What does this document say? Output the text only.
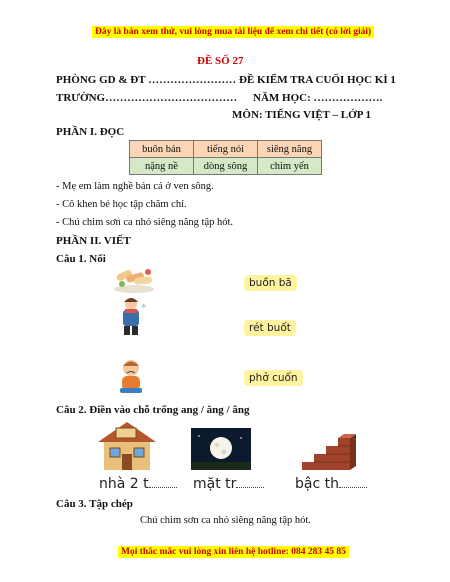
Đây là bản xem thử, vui lòng mua tài liệu để xem chi tiết (có lời giải)
ĐỀ SỐ 27
PHÒNG GD & ĐT ……………………
TRƯỜNG………………………………
ĐỀ KIỂM TRA CUỐI HỌC KÌ 1
NĂM HỌC: ……………….
MÔN: TIẾNG VIỆT – LỚP 1
PHẦN I. ĐỌC
buôn bán	tiếng nói	siêng năng
nặng nề	dòng sông	chim yến
- Mẹ em làm nghề bán cá ở ven sông.
- Cô khen bé học tập chăm chỉ.
- Chú chim sơn ca nhỏ siêng năng tập hót.
PHẦN II. VIẾT
Câu 1. Nối
❄
buồn bã
rét buốt
phở cuốn
Câu 2. Điền vào chỗ trống ang / ăng / âng
nhà 2 t	mặt tr	bậc th
Câu 3. Tập chép
Chú chim sơn ca nhỏ siêng năng tập hót.
Mọi thắc mắc vui lòng xin liên hệ hotline: 084 283 45 85
